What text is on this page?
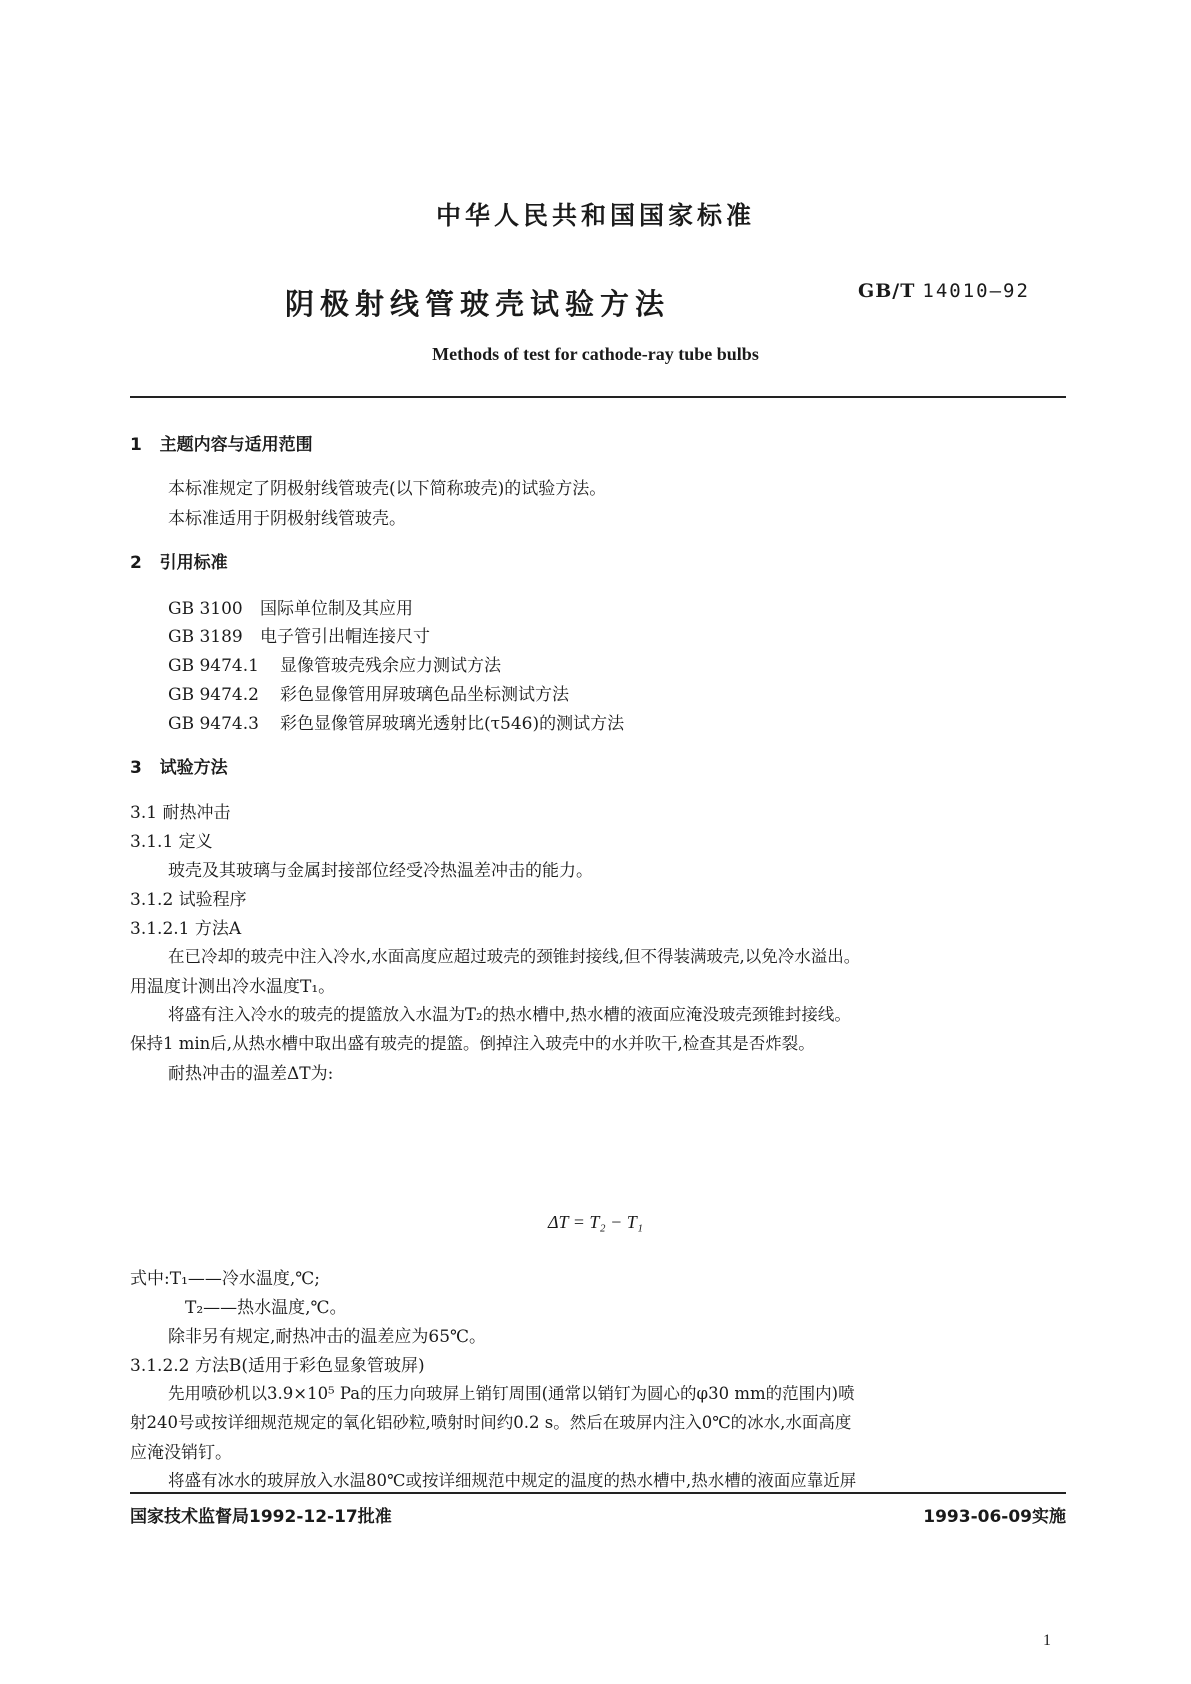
中华人民共和国国家标准
阴极射线管玻壳试验方法	GB/T 14010—92
Methods of test for cathode-ray tube bulbs
1 主题内容与适用范围
本标准规定了阴极射线管玻壳(以下简称玻壳)的试验方法。
本标准适用于阴极射线管玻壳。
2 引用标准
GB 3100 国际单位制及其应用
GB 3189 电子管引出帽连接尺寸
GB 9474.1 显像管玻壳残余应力测试方法
GB 9474.2 彩色显像管用屏玻璃色品坐标测试方法
GB 9474.3 彩色显像管屏玻璃光透射比(τ546)的测试方法
3 试验方法
3.1 耐热冲击
3.1.1 定义
玻壳及其玻璃与金属封接部位经受冷热温差冲击的能力。
3.1.2 试验程序
3.1.2.1 方法A
在已冷却的玻壳中注入冷水,水面高度应超过玻壳的颈锥封接线,但不得装满玻壳,以免冷水溢出。
用温度计测出冷水温度T₁。
将盛有注入冷水的玻壳的提篮放入水温为T₂的热水槽中,热水槽的液面应淹没玻壳颈锥封接线。
保持1 min后,从热水槽中取出盛有玻壳的提篮。倒掉注入玻壳中的水并吹干,检查其是否炸裂。
耐热冲击的温差ΔT为:
ΔT = T₂ − T₁
式中:T₁——冷水温度,℃;
T₂——热水温度,℃。
除非另有规定,耐热冲击的温差应为65℃。
3.1.2.2 方法B(适用于彩色显象管玻屏)
先用喷砂机以3.9×10⁵ Pa的压力向玻屏上销钉周围(通常以销钉为圆心的φ30 mm的范围内)喷
射240号或按详细规范规定的氧化铝砂粒,喷射时间约0.2 s。然后在玻屏内注入0℃的冰水,水面高度
应淹没销钉。
将盛有冰水的玻屏放入水温80℃或按详细规范中规定的温度的热水槽中,热水槽的液面应靠近屏
国家技术监督局1992-12-17批准	1993-06-09实施
1
